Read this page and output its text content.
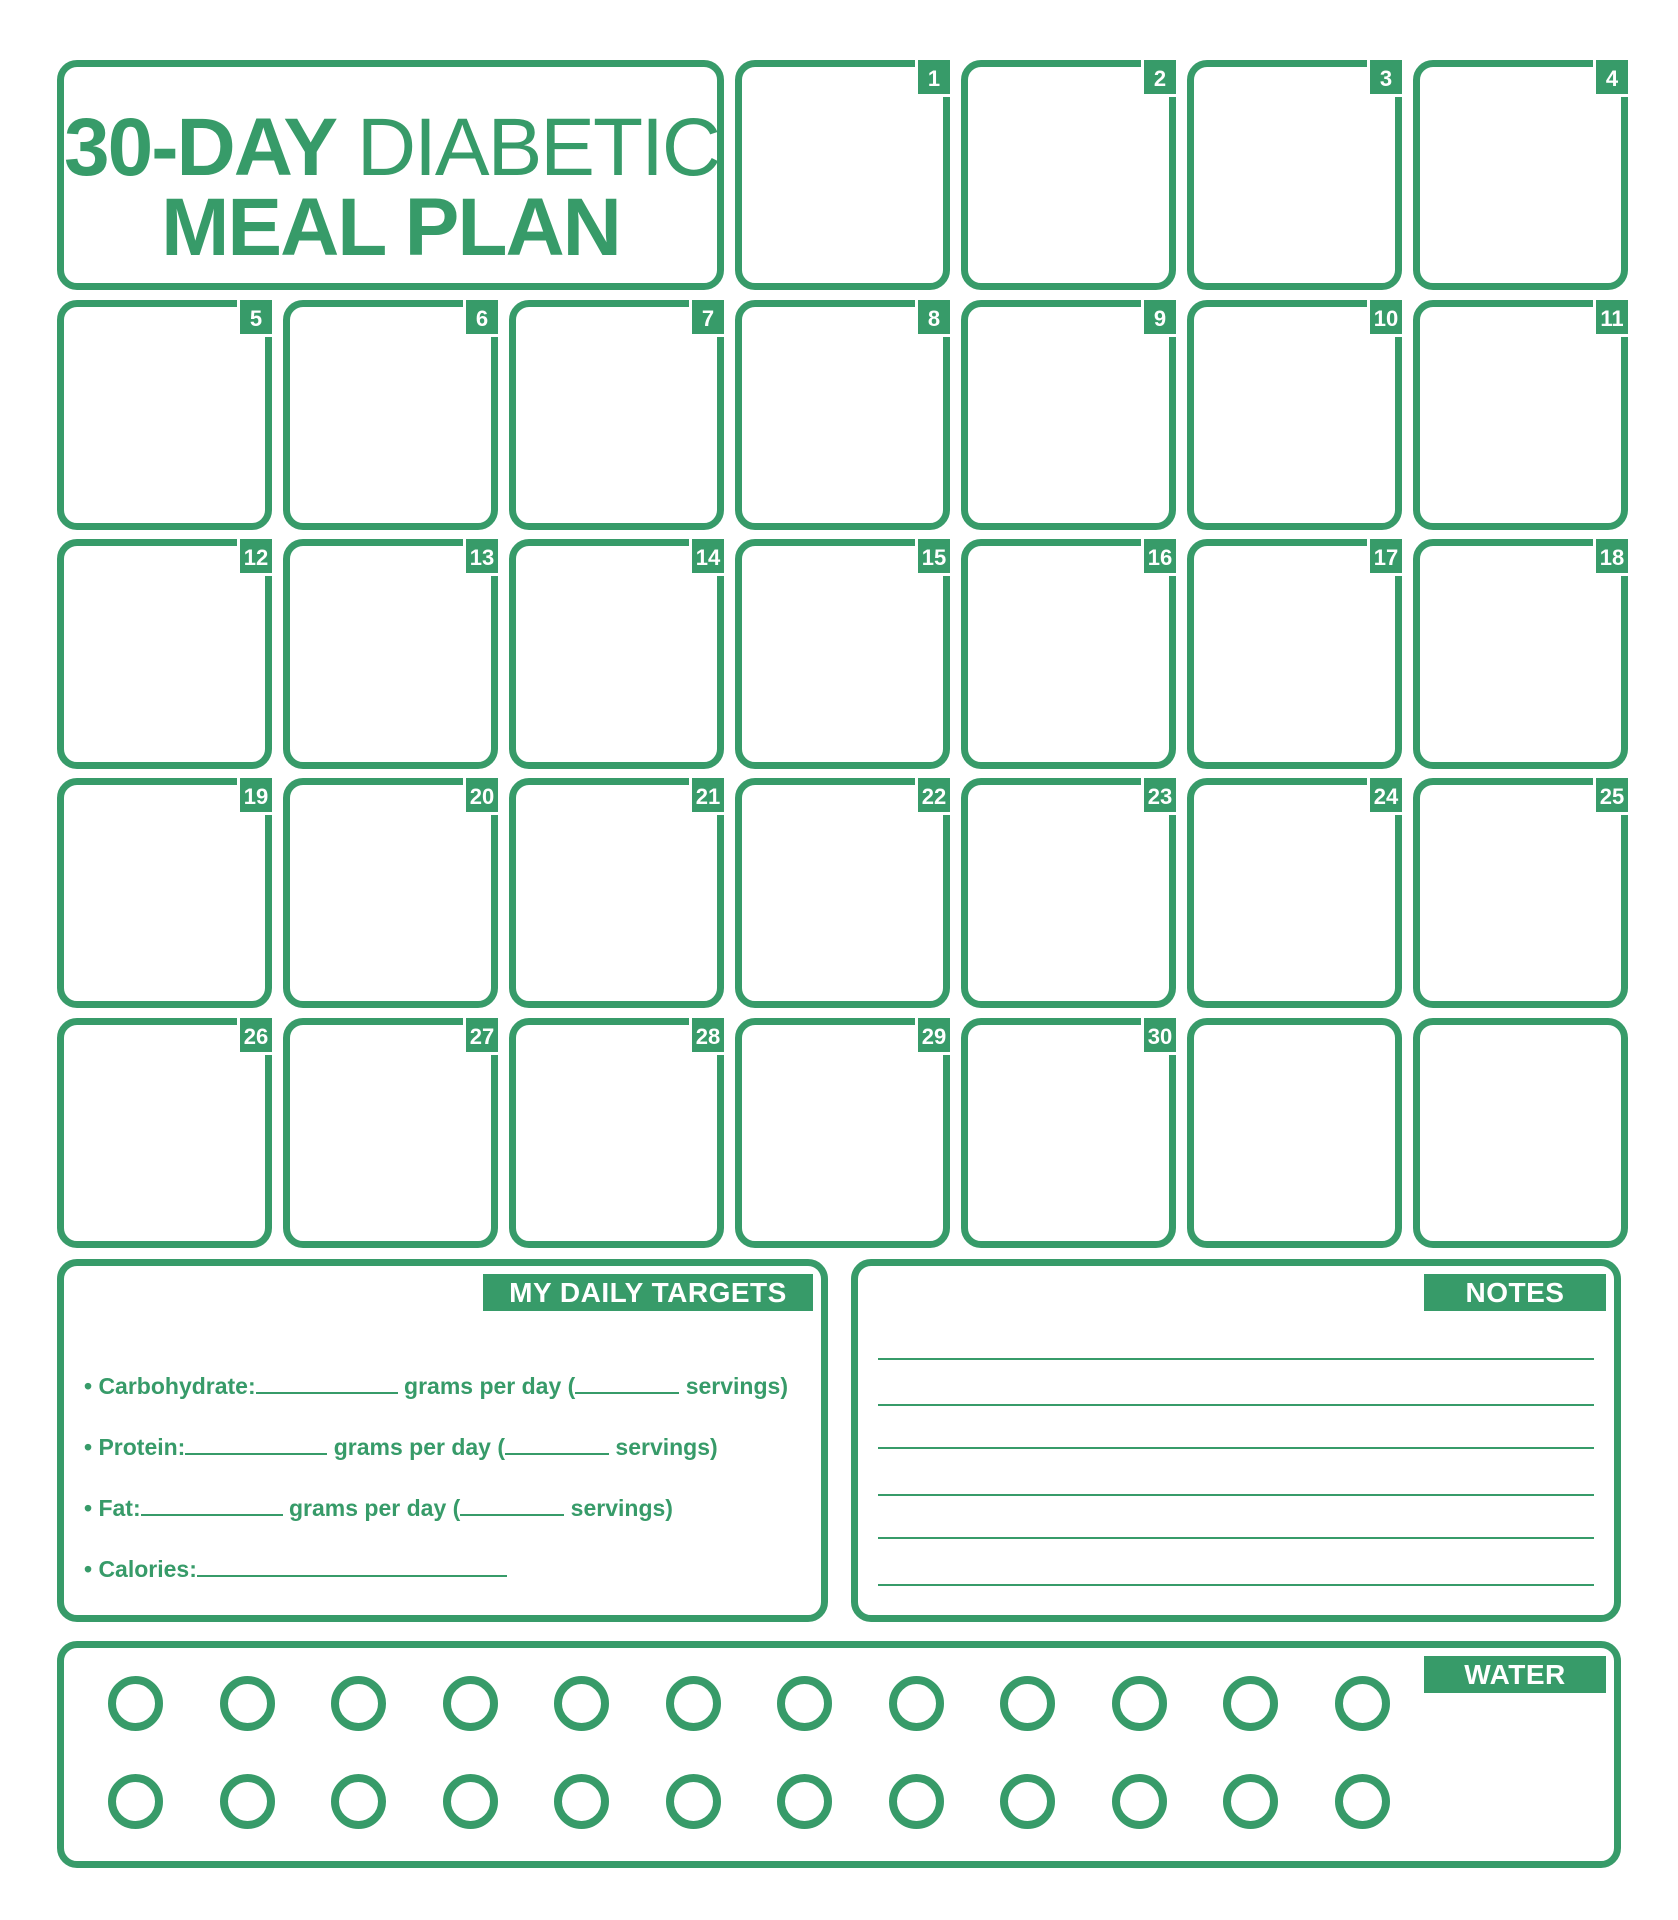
30-DAY DIABETIC
MEAL PLAN
1	2	3	4
5	6	7	8	9	10	11
12	13	14	15	16	17	18
19	20	21	22	23	24	25
26	27	28	29	30
MY DAILY TARGETS
• Carbohydrate:	grams per day (	servings)
• Protein:	grams per day (	servings)
• Fat:	grams per day (	servings)
• Calories:
NOTES
WATER
